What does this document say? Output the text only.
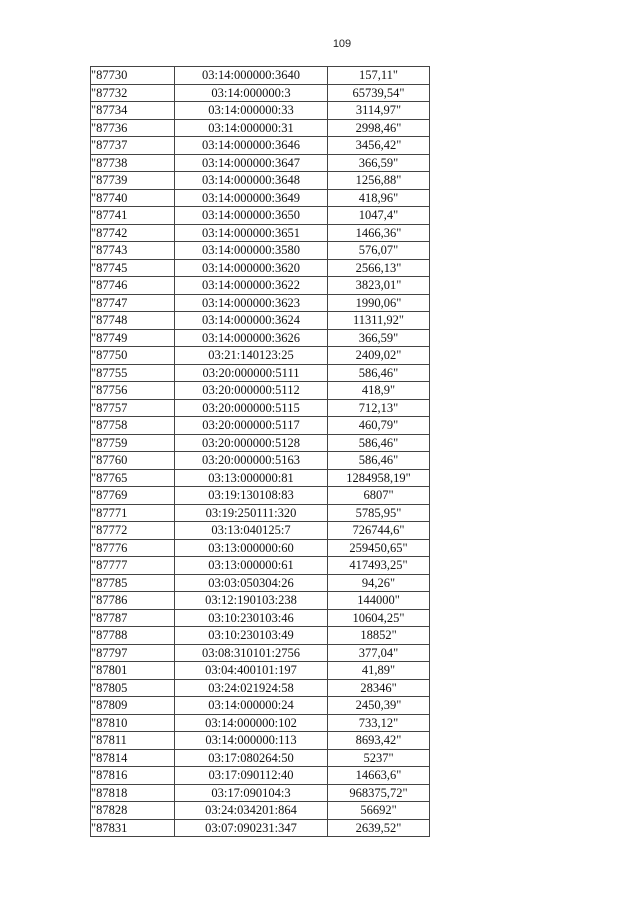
109
"87730	03:14:000000:3640	157,11"
"87732	03:14:000000:3	65739,54"
"87734	03:14:000000:33	3114,97"
"87736	03:14:000000:31	2998,46"
"87737	03:14:000000:3646	3456,42"
"87738	03:14:000000:3647	366,59"
"87739	03:14:000000:3648	1256,88"
"87740	03:14:000000:3649	418,96"
"87741	03:14:000000:3650	1047,4"
"87742	03:14:000000:3651	1466,36"
"87743	03:14:000000:3580	576,07"
"87745	03:14:000000:3620	2566,13"
"87746	03:14:000000:3622	3823,01"
"87747	03:14:000000:3623	1990,06"
"87748	03:14:000000:3624	11311,92"
"87749	03:14:000000:3626	366,59"
"87750	03:21:140123:25	2409,02"
"87755	03:20:000000:5111	586,46"
"87756	03:20:000000:5112	418,9"
"87757	03:20:000000:5115	712,13"
"87758	03:20:000000:5117	460,79"
"87759	03:20:000000:5128	586,46"
"87760	03:20:000000:5163	586,46"
"87765	03:13:000000:81	1284958,19"
"87769	03:19:130108:83	6807"
"87771	03:19:250111:320	5785,95"
"87772	03:13:040125:7	726744,6"
"87776	03:13:000000:60	259450,65"
"87777	03:13:000000:61	417493,25"
"87785	03:03:050304:26	94,26"
"87786	03:12:190103:238	144000"
"87787	03:10:230103:46	10604,25"
"87788	03:10:230103:49	18852"
"87797	03:08:310101:2756	377,04"
"87801	03:04:400101:197	41,89"
"87805	03:24:021924:58	28346"
"87809	03:14:000000:24	2450,39"
"87810	03:14:000000:102	733,12"
"87811	03:14:000000:113	8693,42"
"87814	03:17:080264:50	5237"
"87816	03:17:090112:40	14663,6"
"87818	03:17:090104:3	968375,72"
"87828	03:24:034201:864	56692"
"87831	03:07:090231:347	2639,52"
